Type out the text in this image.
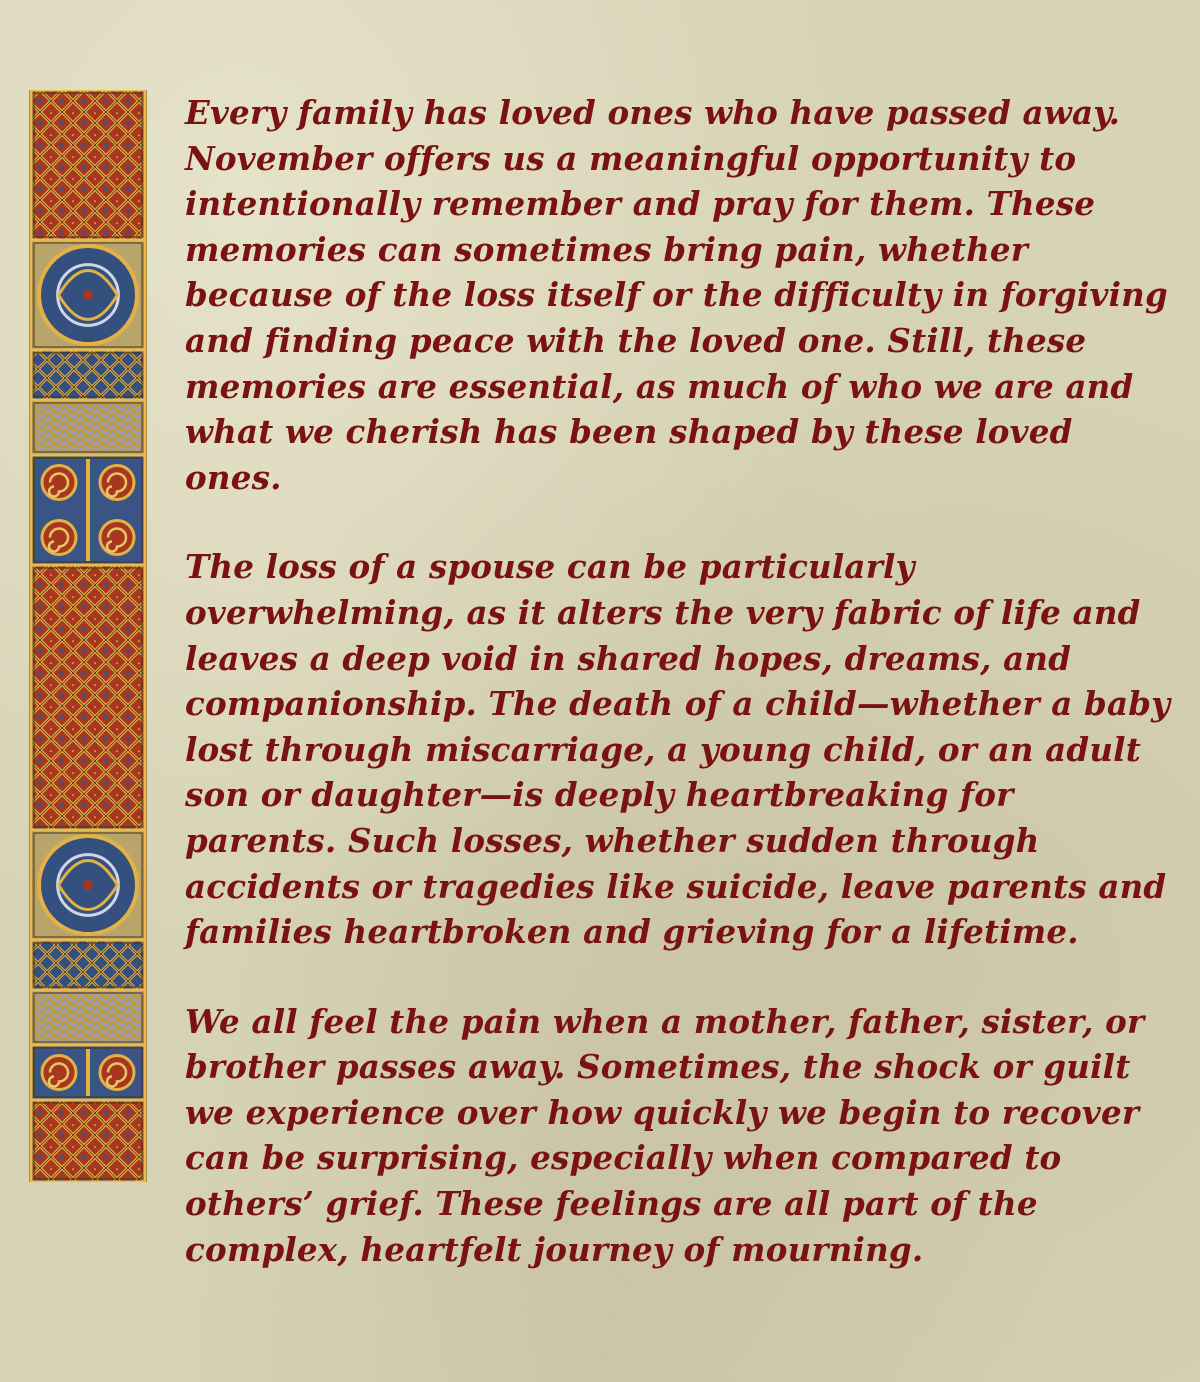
Every family has loved ones who have passed away. November offers us a meaningful opportunity to intentionally remember and pray for them. These memories can sometimes bring pain, whether because of the loss itself or the difficulty in forgiving and finding peace with the loved one. Still, these memories are essential, as much of who we are and what we cherish has been shaped by these loved ones.

The loss of a spouse can be particularly overwhelming, as it alters the very fabric of life and leaves a deep void in shared hopes, dreams, and companionship. The death of a child—whether a baby lost through miscarriage, a young child, or an adult son or daughter—is deeply heartbreaking for parents. Such losses, whether sudden through accidents or tragedies like suicide, leave parents and families heartbroken and grieving for a lifetime.

We all feel the pain when a mother, father, sister, or brother passes away. Sometimes, the shock or guilt we experience over how quickly we begin to recover can be surprising, especially when compared to others’ grief. These feelings are all part of the complex, heartfelt journey of mourning.
